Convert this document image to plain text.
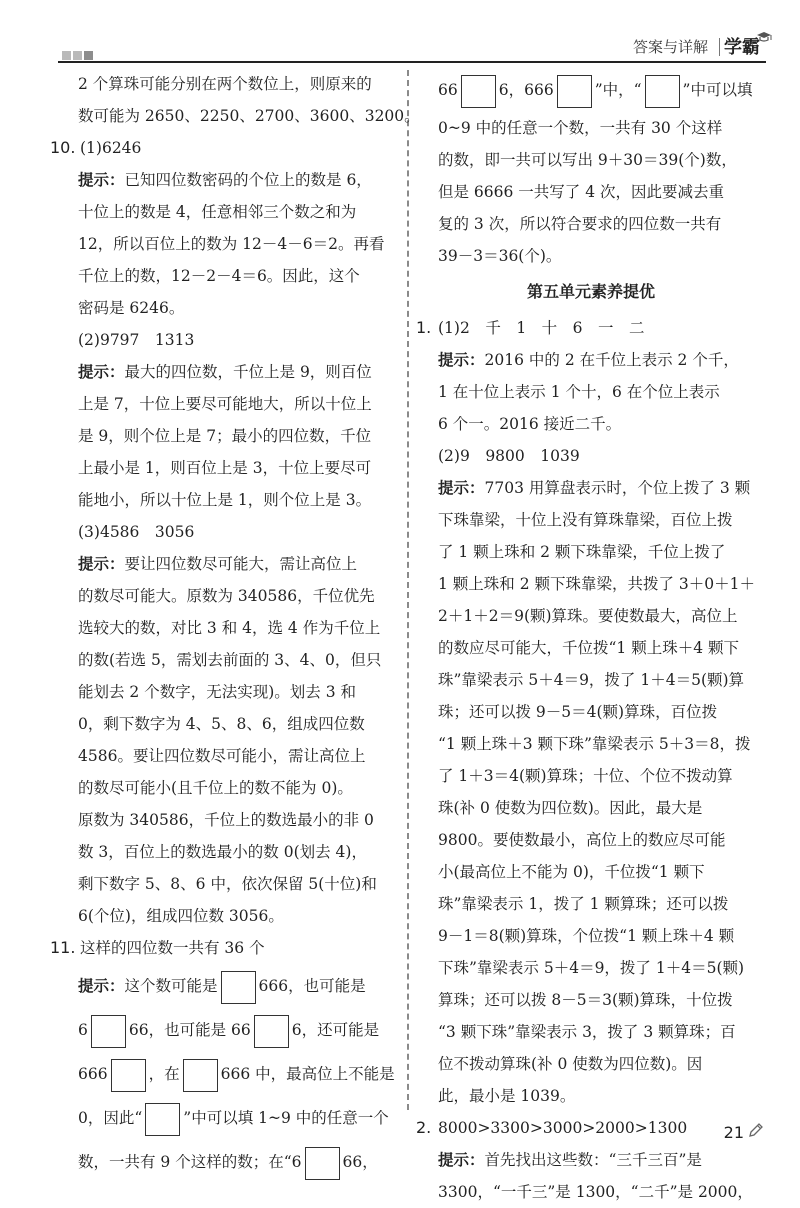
答案与详解 学霸
2 个算珠可能分别在两个数位上，则原来的
数可能为 2650、2250、2700、3600、3200。
10. (1)6246
提示：已知四位数密码的个位上的数是 6，
十位上的数是 4，任意相邻三个数之和为
12，所以百位上的数为 12－4－6＝2。再看
千位上的数，12－2－4＝6。因此，这个
密码是 6246。
(2)9797　1313
提示：最大的四位数，千位上是 9，则百位
上是 7，十位上要尽可能地大，所以十位上
是 9，则个位上是 7；最小的四位数，千位
上最小是 1，则百位上是 3，十位上要尽可
能地小，所以十位上是 1，则个位上是 3。
(3)4586　3056
提示：要让四位数尽可能大，需让高位上
的数尽可能大。原数为 340586，千位优先
选较大的数，对比 3 和 4，选 4 作为千位上
的数(若选 5，需划去前面的 3、4、0，但只
能划去 2 个数字，无法实现)。划去 3 和
0，剩下数字为 4、5、8、6，组成四位数
4586。要让四位数尽可能小，需让高位上
的数尽可能小(且千位上的数不能为 0)。
原数为 340586，千位上的数选最小的非 0
数 3，百位上的数选最小的数 0(划去 4)，
剩下数字 5、8、6 中，依次保留 5(十位)和
6(个位)，组成四位数 3056。
11. 这样的四位数一共有 36 个
提示：这个数可能是	666，也可能是
6	66，也可能是 66	6，还可能是
666	，在	666 中，最高位上不能是
0，因此“	”中可以填 1~9 中的任意一个
数，一共有 9 个这样的数；在“6	66，
66	6，666	”中，“	”中可以填
0~9 中的任意一个数，一共有 30 个这样
的数，即一共可以写出 9＋30＝39(个)数，
但是 6666 一共写了 4 次，因此要减去重
复的 3 次，所以符合要求的四位数一共有
39－3＝36(个)。
第五单元素养提优
1. (1)2　千　1　十　6　一　二
提示：2016 中的 2 在千位上表示 2 个千，
1 在十位上表示 1 个十，6 在个位上表示
6 个一。2016 接近二千。
(2)9　9800　1039
提示：7703 用算盘表示时，个位上拨了 3 颗
下珠靠梁，十位上没有算珠靠梁，百位上拨
了 1 颗上珠和 2 颗下珠靠梁，千位上拨了
1 颗上珠和 2 颗下珠靠梁，共拨了 3＋0＋1＋
2＋1＋2＝9(颗)算珠。要使数最大，高位上
的数应尽可能大，千位拨“1 颗上珠＋4 颗下
珠”靠梁表示 5＋4＝9，拨了 1＋4＝5(颗)算
珠；还可以拨 9－5＝4(颗)算珠，百位拨
“1 颗上珠＋3 颗下珠”靠梁表示 5＋3＝8，拨
了 1＋3＝4(颗)算珠；十位、个位不拨动算
珠(补 0 使数为四位数)。因此，最大是
9800。要使数最小，高位上的数应尽可能
小(最高位上不能为 0)，千位拨“1 颗下
珠”靠梁表示 1，拨了 1 颗算珠；还可以拨
9－1＝8(颗)算珠，个位拨“1 颗上珠＋4 颗
下珠”靠梁表示 5＋4＝9，拨了 1＋4＝5(颗)
算珠；还可以拨 8－5＝3(颗)算珠，十位拨
“3 颗下珠”靠梁表示 3，拨了 3 颗算珠；百
位不拨动算珠(补 0 使数为四位数)。因
此，最小是 1039。
2. 8000>3300>3000>2000>1300
提示：首先找出这些数：“三千三百”是
3300，“一千三”是 1300，“二千”是 2000，
21
